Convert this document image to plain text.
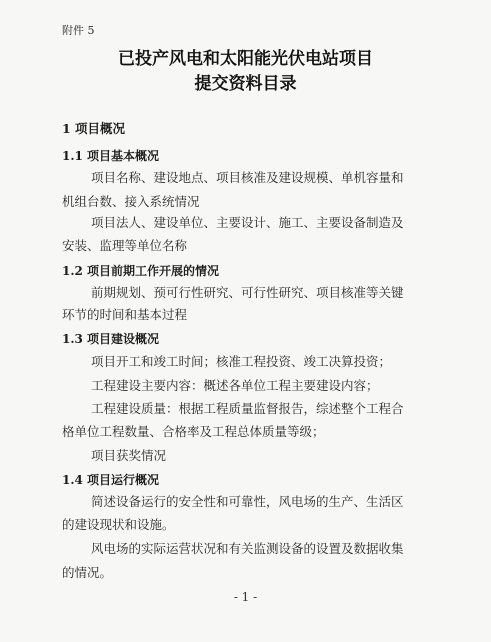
附件 5
已投产风电和太阳能光伏电站项目
提交资料目录
1 项目概况
1.1 项目基本概况
项目名称、建设地点、项目核准及建设规模、单机容量和
机组台数、接入系统情况
项目法人、建设单位、主要设计、施工、主要设备制造及
安装、监理等单位名称
1.2 项目前期工作开展的情况
前期规划、预可行性研究、可行性研究、项目核准等关键
环节的时间和基本过程
1.3 项目建设概况
项目开工和竣工时间；核准工程投资、竣工决算投资；
工程建设主要内容：概述各单位工程主要建设内容；
工程建设质量：根据工程质量监督报告，综述整个工程合
格单位工程数量、合格率及工程总体质量等级；
项目获奖情况
1.4 项目运行概况
简述设备运行的安全性和可靠性，风电场的生产、生活区
的建设现状和设施。
风电场的实际运营状况和有关监测设备的设置及数据收集
的情况。
- 1 -
